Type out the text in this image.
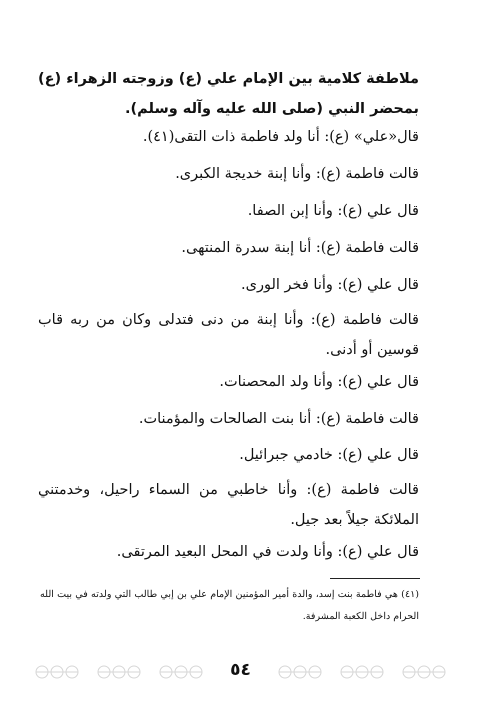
ملاطفة كلامية بين الإمام علي (ع) وزوجته الزهراء (ع) بمحضر النبي (صلى الله عليه وآله وسلم).

قال«علي» (ع): أنا ولد فاطمة ذات التقى(٤١).

قالت فاطمة (ع): وأنا إبنة خديجة الكبرى.

قال علي (ع): وأنا إبن الصفا.

قالت فاطمة (ع): أنا إبنة سدرة المنتهى.

قال علي (ع): وأنا فخر الورى.

قالت فاطمة (ع): وأنا إبنة من دنى فتدلى وكان من ربه قاب قوسين أو أدنى.

قال علي (ع): وأنا ولد المحصنات.

قالت فاطمة (ع): أنا بنت الصالحات والمؤمنات.

قال علي (ع): خادمي جبرائيل.

قالت فاطمة (ع): وأنا خاطبي من السماء راحيل، وخدمتني الملائكة جيلاً بعد جيل.

قال علي (ع): وأنا ولدت في المحل البعيد المرتقى.

(٤١) هي فاطمة بنت إسد، والدة أمير المؤمنين الإمام علي بن إبي طالب التي ولدته في بيت الله الحرام داخل الكعبة المشرفة.

٥٤
